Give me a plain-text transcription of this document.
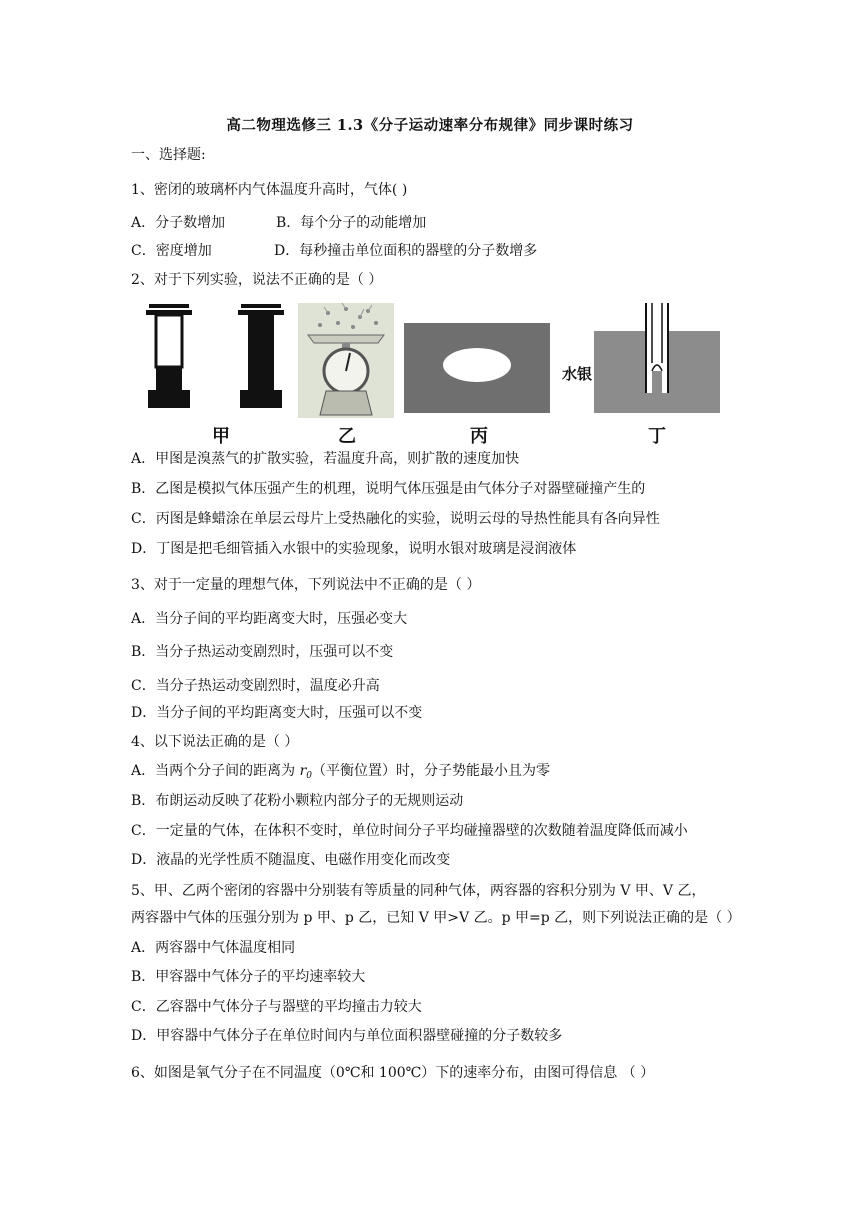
高二物理选修三 1.3《分子运动速率分布规律》同步课时练习
一、选择题:
1、密闭的玻璃杯内气体温度升高时，气体( )
A．分子数增加	B．每个分子的动能增加
C．密度增加	D．每秒撞击单位面积的器壁的分子数增多
2、对于下列实验，说法不正确的是（ ）
水银
甲	乙	丙	丁
A．甲图是溴蒸气的扩散实验，若温度升高，则扩散的速度加快
B．乙图是模拟气体压强产生的机理，说明气体压强是由气体分子对器壁碰撞产生的
C．丙图是蜂蜡涂在单层云母片上受热融化的实验，说明云母的导热性能具有各向异性
D．丁图是把毛细管插入水银中的实验现象，说明水银对玻璃是浸润液体
3、对于一定量的理想气体，下列说法中不正确的是（ ）
A．当分子间的平均距离变大时，压强必变大
B．当分子热运动变剧烈时，压强可以不变
C．当分子热运动变剧烈时，温度必升高
D．当分子间的平均距离变大时，压强可以不变
4、以下说法正确的是（ ）
A．当两个分子间的距离为 $r_0$（平衡位置）时，分子势能最小且为零
B．布朗运动反映了花粉小颗粒内部分子的无规则运动
C．一定量的气体，在体积不变时，单位时间分子平均碰撞器壁的次数随着温度降低而减小
D．液晶的光学性质不随温度、电磁作用变化而改变
5、甲、乙两个密闭的容器中分别装有等质量的同种气体，两容器的容积分别为 V 甲、V 乙，
两容器中气体的压强分别为 p 甲、p 乙，已知 V 甲>V 乙。p 甲=p 乙，则下列说法正确的是（ ）
A．两容器中气体温度相同
B．甲容器中气体分子的平均速率较大
C．乙容器中气体分子与器壁的平均撞击力较大
D．甲容器中气体分子在单位时间内与单位面积器壁碰撞的分子数较多
6、如图是氧气分子在不同温度（0℃和 100℃）下的速率分布，由图可得信息 （ ）
